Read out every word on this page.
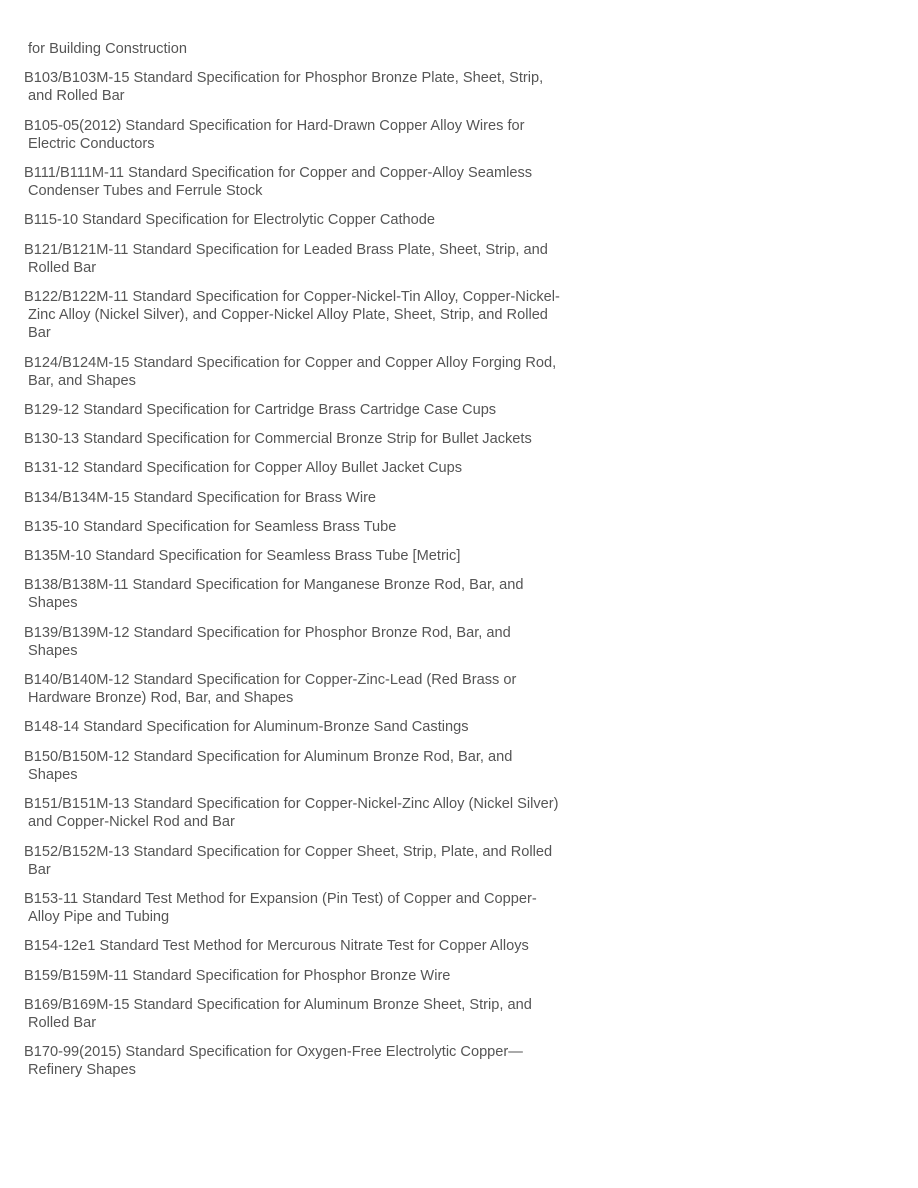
for Building Construction

B103/B103M-15 Standard Specification for Phosphor Bronze Plate, Sheet, Strip, and Rolled Bar

B105-05(2012) Standard Specification for Hard-Drawn Copper Alloy Wires for Electric Conductors

B111/B111M-11 Standard Specification for Copper and Copper-Alloy Seamless Condenser Tubes and Ferrule Stock

B115-10 Standard Specification for Electrolytic Copper Cathode

B121/B121M-11 Standard Specification for Leaded Brass Plate, Sheet, Strip, and Rolled Bar

B122/B122M-11 Standard Specification for Copper-Nickel-Tin Alloy, Copper-Nickel-Zinc Alloy (Nickel Silver), and Copper-Nickel Alloy Plate, Sheet, Strip, and Rolled Bar

B124/B124M-15 Standard Specification for Copper and Copper Alloy Forging Rod, Bar, and Shapes

B129-12 Standard Specification for Cartridge Brass Cartridge Case Cups

B130-13 Standard Specification for Commercial Bronze Strip for Bullet Jackets

B131-12 Standard Specification for Copper Alloy Bullet Jacket Cups

B134/B134M-15 Standard Specification for Brass Wire

B135-10 Standard Specification for Seamless Brass Tube

B135M-10 Standard Specification for Seamless Brass Tube [Metric]

B138/B138M-11 Standard Specification for Manganese Bronze Rod, Bar, and Shapes

B139/B139M-12 Standard Specification for Phosphor Bronze Rod, Bar, and Shapes

B140/B140M-12 Standard Specification for Copper-Zinc-Lead (Red Brass or Hardware Bronze) Rod, Bar, and Shapes

B148-14 Standard Specification for Aluminum-Bronze Sand Castings

B150/B150M-12 Standard Specification for Aluminum Bronze Rod, Bar, and Shapes

B151/B151M-13 Standard Specification for Copper-Nickel-Zinc Alloy (Nickel Silver) and Copper-Nickel Rod and Bar

B152/B152M-13 Standard Specification for Copper Sheet, Strip, Plate, and Rolled Bar

B153-11 Standard Test Method for Expansion (Pin Test) of Copper and Copper-Alloy Pipe and Tubing

B154-12e1 Standard Test Method for Mercurous Nitrate Test for Copper Alloys

B159/B159M-11 Standard Specification for Phosphor Bronze Wire

B169/B169M-15 Standard Specification for Aluminum Bronze Sheet, Strip, and Rolled Bar

B170-99(2015) Standard Specification for Oxygen-Free Electrolytic Copper—Refinery Shapes
